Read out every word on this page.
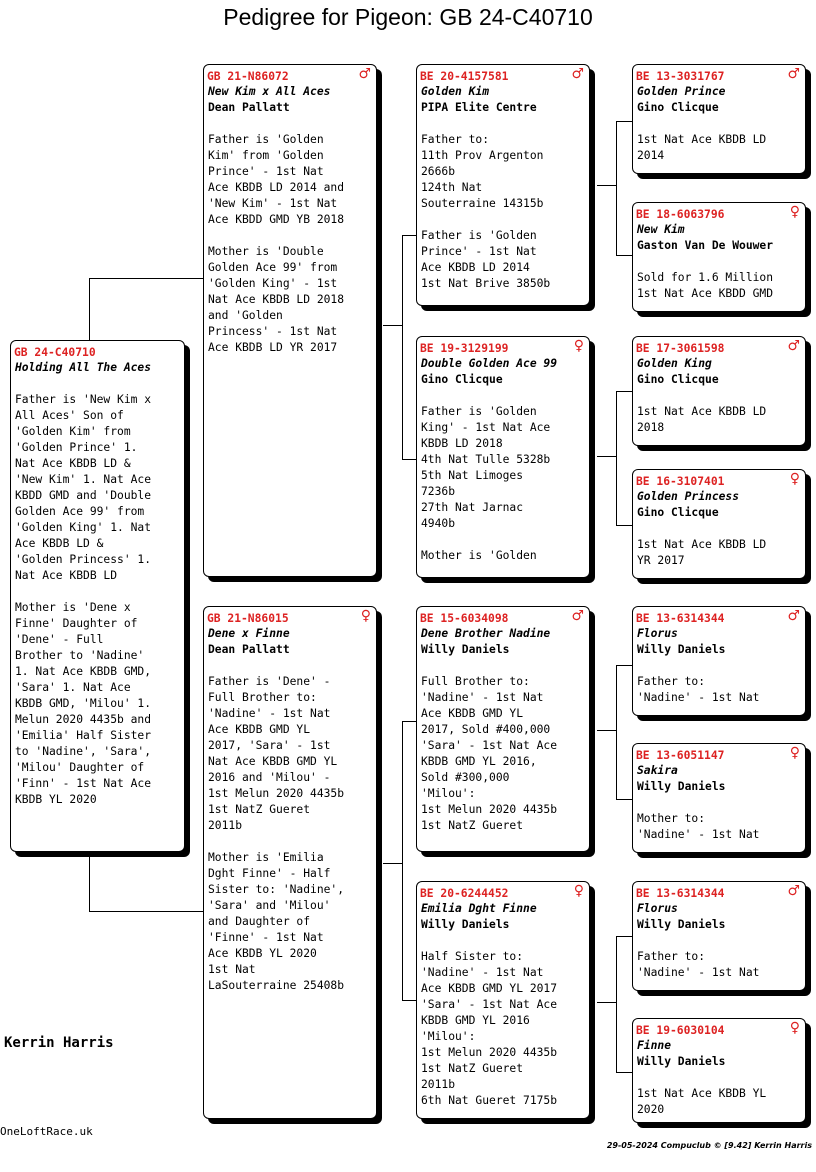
Pedigree for Pigeon: GB 24-C40710
GB 24-C40710
Holding All The Aces

Father is 'New Kim x
All Aces' Son of
'Golden Kim' from
'Golden Prince' 1.
Nat Ace KBDB LD &
'New Kim' 1. Nat Ace
KBDD GMD and 'Double
Golden Ace 99' from
'Golden King' 1. Nat
Ace KBDB LD &
'Golden Princess' 1.
Nat Ace KBDB LD

Mother is 'Dene x
Finne' Daughter of
'Dene' - Full
Brother to 'Nadine'
1. Nat Ace KBDB GMD,
'Sara' 1. Nat Ace
KBDB GMD, 'Milou' 1.
Melun 2020 4435b and
'Emilia' Half Sister
to 'Nadine', 'Sara',
'Milou' Daughter of
'Finn' - 1st Nat Ace
KBDB YL 2020
GB 21-N86072	♂
New Kim x All Aces
Dean Pallatt

Father is 'Golden
Kim' from 'Golden
Prince' - 1st Nat
Ace KBDB LD 2014 and
'New Kim' - 1st Nat
Ace KBDD GMD YB 2018

Mother is 'Double
Golden Ace 99' from
'Golden King' - 1st
Nat Ace KBDB LD 2018
and 'Golden
Princess' - 1st Nat
Ace KBDB LD YR 2017
GB 21-N86015	♀
Dene x Finne
Dean Pallatt

Father is 'Dene' -
Full Brother to:
'Nadine' - 1st Nat
Ace KBDB GMD YL
2017, 'Sara' - 1st
Nat Ace KBDB GMD YL
2016 and 'Milou' -
1st Melun 2020 4435b
1st NatZ Gueret
2011b

Mother is 'Emilia
Dght Finne' - Half
Sister to: 'Nadine',
'Sara' and 'Milou'
and Daughter of
'Finne' - 1st Nat
Ace KBDB YL 2020
1st Nat
LaSouterraine 25408b
BE 20-4157581	♂
Golden Kim
PIPA Elite Centre

Father to:
11th Prov Argenton
2666b
124th Nat
Souterraine 14315b

Father is 'Golden
Prince' - 1st Nat
Ace KBDB LD 2014
1st Nat Brive 3850b
BE 19-3129199	♀
Double Golden Ace 99
Gino Clicque

Father is 'Golden
King' - 1st Nat Ace
KBDB LD 2018
4th Nat Tulle 5328b
5th Nat Limoges
7236b
27th Nat Jarnac
4940b

Mother is 'Golden
BE 15-6034098	♂
Dene Brother Nadine
Willy Daniels

Full Brother to:
'Nadine' - 1st Nat
Ace KBDB GMD YL
2017, Sold #400,000
'Sara' - 1st Nat Ace
KBDB GMD YL 2016,
Sold #300,000
'Milou':
1st Melun 2020 4435b
1st NatZ Gueret
BE 20-6244452	♀
Emilia Dght Finne
Willy Daniels

Half Sister to:
'Nadine' - 1st Nat
Ace KBDB GMD YL 2017
'Sara' - 1st Nat Ace
KBDB GMD YL 2016
'Milou':
1st Melun 2020 4435b
1st NatZ Gueret
2011b
6th Nat Gueret 7175b
BE 13-3031767	♂
Golden Prince
Gino Clicque

1st Nat Ace KBDB LD
2014
BE 18-6063796	♀
New Kim
Gaston Van De Wouwer

Sold for 1.6 Million
1st Nat Ace KBDD GMD
BE 17-3061598	♂
Golden King
Gino Clicque

1st Nat Ace KBDB LD
2018
BE 16-3107401	♀
Golden Princess
Gino Clicque

1st Nat Ace KBDB LD
YR 2017
BE 13-6314344	♂
Florus
Willy Daniels

Father to:
'Nadine' - 1st Nat
BE 13-6051147	♀
Sakira
Willy Daniels

Mother to:
'Nadine' - 1st Nat
BE 13-6314344	♂
Florus
Willy Daniels

Father to:
'Nadine' - 1st Nat
BE 19-6030104	♀
Finne
Willy Daniels

1st Nat Ace KBDB YL
2020
Kerrin Harris
OneLoftRace.uk
29-05-2024 Compuclub © [9.42] Kerrin Harris
